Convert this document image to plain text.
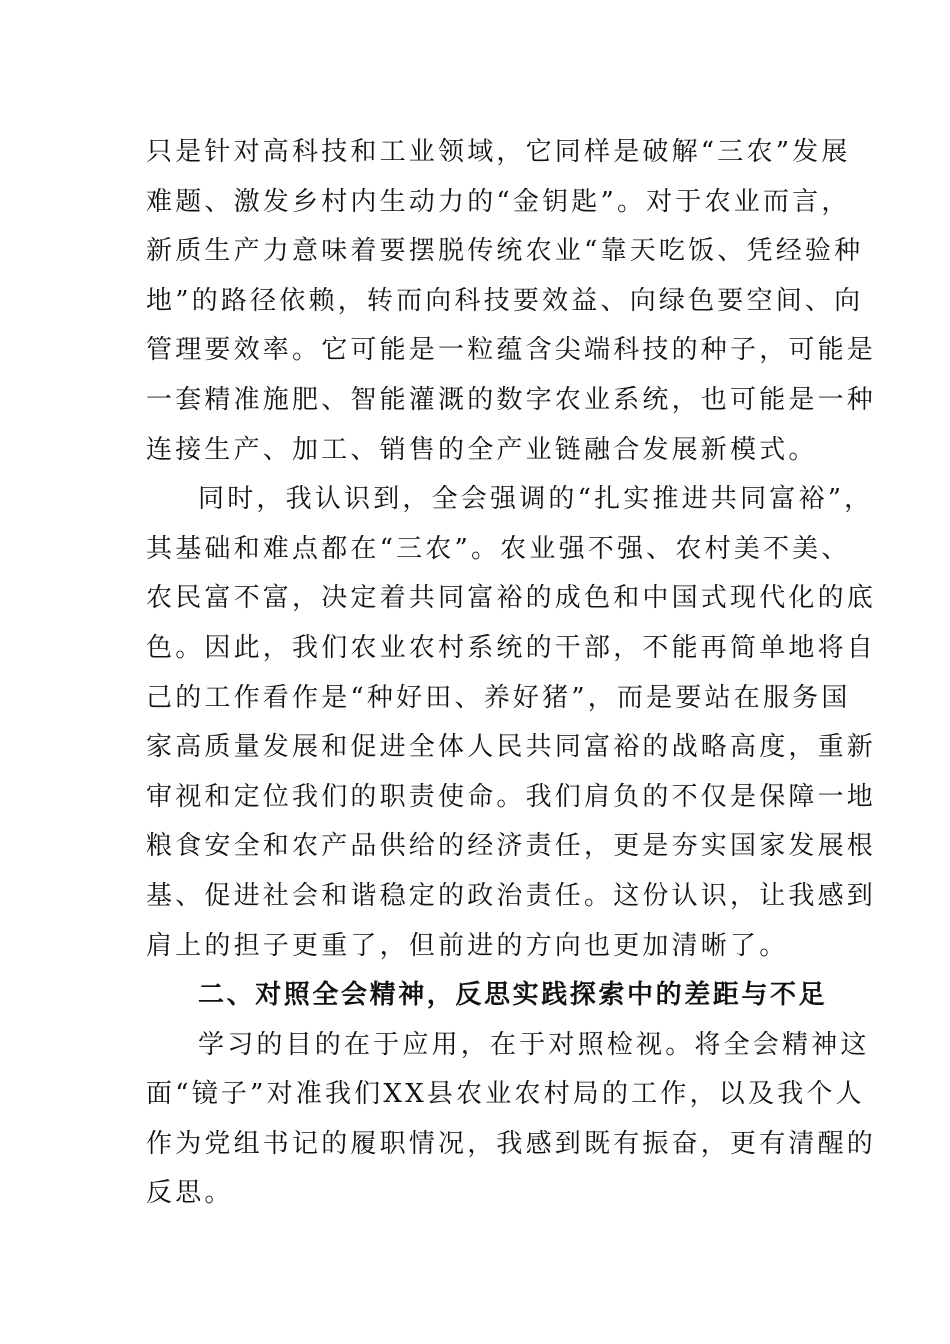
只是针对高科技和工业领域，它同样是破解“三农”发展
难题、激发乡村内生动力的“金钥匙”。对于农业而言，
新质生产力意味着要摆脱传统农业“靠天吃饭、凭经验种
地”的路径依赖，转而向科技要效益、向绿色要空间、向
管理要效率。它可能是一粒蕴含尖端科技的种子，可能是
一套精准施肥、智能灌溉的数字农业系统，也可能是一种
连接生产、加工、销售的全产业链融合发展新模式。
同时，我认识到，全会强调的“扎实推进共同富裕”，
其基础和难点都在“三农”。农业强不强、农村美不美、
农民富不富，决定着共同富裕的成色和中国式现代化的底
色。因此，我们农业农村系统的干部，不能再简单地将自
己的工作看作是“种好田、养好猪”，而是要站在服务国
家高质量发展和促进全体人民共同富裕的战略高度，重新
审视和定位我们的职责使命。我们肩负的不仅是保障一地
粮食安全和农产品供给的经济责任，更是夯实国家发展根
基、促进社会和谐稳定的政治责任。这份认识，让我感到
肩上的担子更重了，但前进的方向也更加清晰了。
二、对照全会精神，反思实践探索中的差距与不足
学习的目的在于应用，在于对照检视。将全会精神这
面“镜子”对准我们XX县农业农村局的工作，以及我个人
作为党组书记的履职情况，我感到既有振奋，更有清醒的
反思。
